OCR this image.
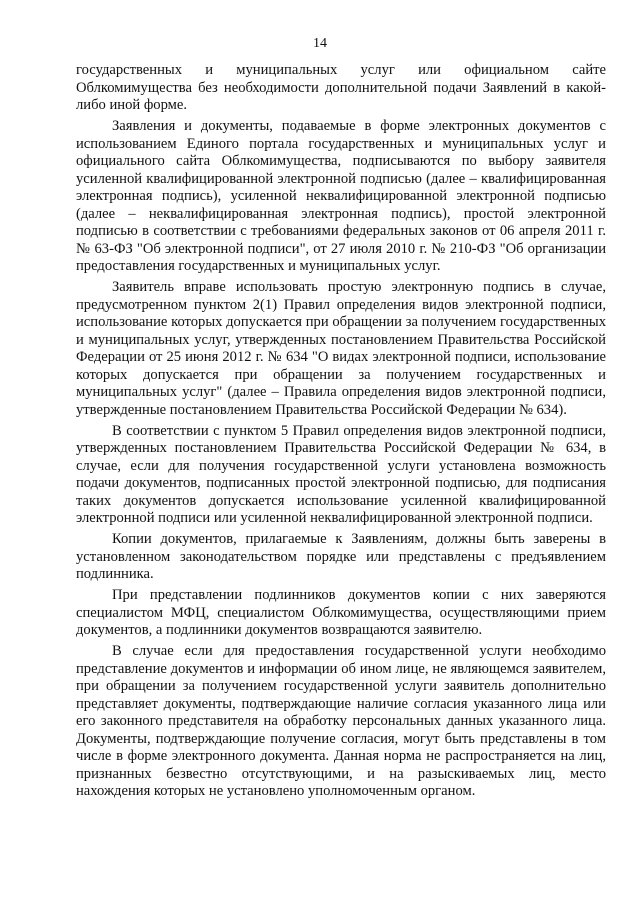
14

государственных и муниципальных услуг или официальном сайте Облкомимущества без необходимости дополнительной подачи Заявлений в какой-либо иной форме.

Заявления и документы, подаваемые в форме электронных документов с использованием Единого портала государственных и муниципальных услуг и официального сайта Облкомимущества, подписываются по выбору заявителя усиленной квалифицированной электронной подписью (далее – квалифицированная электронная подпись), усиленной неквалифицированной электронной подписью (далее – неквалифицированная электронная подпись), простой электронной подписью в соответствии с требованиями федеральных законов от 06 апреля 2011 г. № 63-ФЗ "Об электронной подписи", от 27 июля 2010 г. № 210-ФЗ "Об организации предоставления государственных и муниципальных услуг.

Заявитель вправе использовать простую электронную подпись в случае, предусмотренном пунктом 2(1) Правил определения видов электронной подписи, использование которых допускается при обращении за получением государственных и муниципальных услуг, утвержденных постановлением Правительства Российской Федерации от 25 июня 2012 г. № 634 "О видах электронной подписи, использование которых допускается при обращении за получением государственных и муниципальных услуг" (далее – Правила определения видов электронной подписи, утвержденные постановлением Правительства Российской Федерации № 634).

В соответствии с пунктом 5 Правил определения видов электронной подписи, утвержденных постановлением Правительства Российской Федерации № 634, в случае, если для получения государственной услуги установлена возможность подачи документов, подписанных простой электронной подписью, для подписания таких документов допускается использование усиленной квалифицированной электронной подписи или усиленной неквалифицированной электронной подписи.

Копии документов, прилагаемые к Заявлениям, должны быть заверены в установленном законодательством порядке или представлены с предъявлением подлинника.

При представлении подлинников документов копии с них заверяются специалистом МФЦ, специалистом Облкомимущества, осуществляющими прием документов, а подлинники документов возвращаются заявителю.

В случае если для предоставления государственной услуги необходимо представление документов и информации об ином лице, не являющемся заявителем, при обращении за получением государственной услуги заявитель дополнительно представляет документы, подтверждающие наличие согласия указанного лица или его законного представителя на обработку персональных данных указанного лица. Документы, подтверждающие получение согласия, могут быть представлены в том числе в форме электронного документа. Данная норма не распространяется на лиц, признанных безвестно отсутствующими, и на разыскиваемых лиц, место нахождения которых не установлено уполномоченным органом.
